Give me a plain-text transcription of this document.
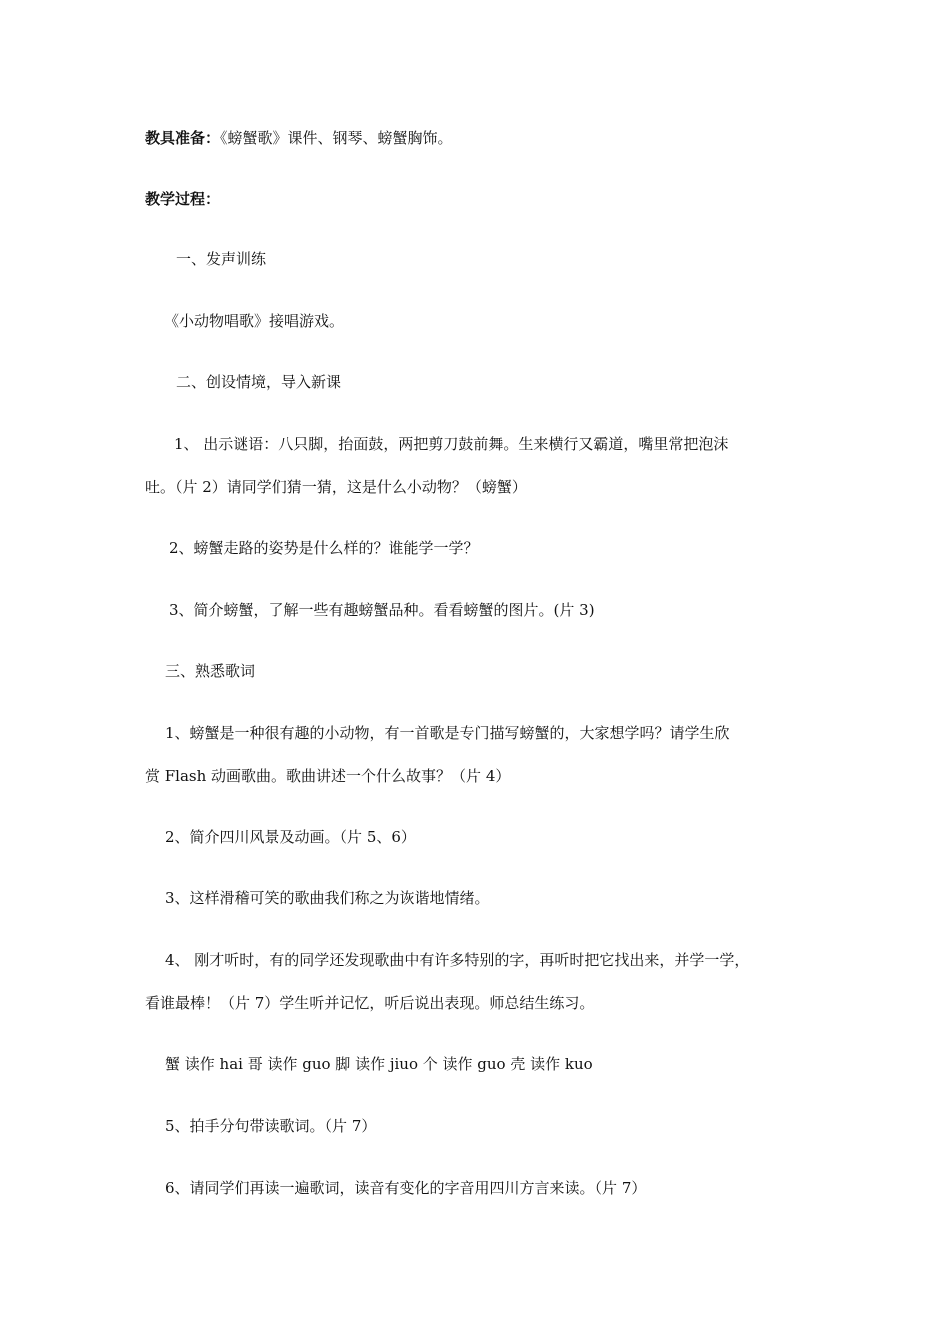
教具准备：《螃蟹歌》课件、钢琴、螃蟹胸饰。
教学过程：
一、发声训练
《小动物唱歌》接唱游戏。
二、创设情境，导入新课
1、 出示谜语：八只脚，抬面鼓，两把剪刀鼓前舞。生来横行又霸道，嘴里常把泡沫
吐。（片 2）请同学们猜一猜，这是什么小动物？（螃蟹）
2、螃蟹走路的姿势是什么样的？谁能学一学？
3、简介螃蟹，了解一些有趣螃蟹品种。看看螃蟹的图片。(片 3)
三、熟悉歌词
1、螃蟹是一种很有趣的小动物，有一首歌是专门描写螃蟹的，大家想学吗？请学生欣
赏 Flash 动画歌曲。歌曲讲述一个什么故事？（片 4）
2、简介四川风景及动画。（片 5、6）
3、这样滑稽可笑的歌曲我们称之为诙谐地情绪。
4、 刚才听时，有的同学还发现歌曲中有许多特别的字，再听时把它找出来，并学一学，
看谁最棒！（片 7）学生听并记忆，听后说出表现。师总结生练习。
蟹 读作 hai 哥 读作 guo 脚 读作 jiuo 个 读作 guo 壳 读作 kuo
5、拍手分句带读歌词。（片 7）
6、请同学们再读一遍歌词，读音有变化的字音用四川方言来读。（片 7）
